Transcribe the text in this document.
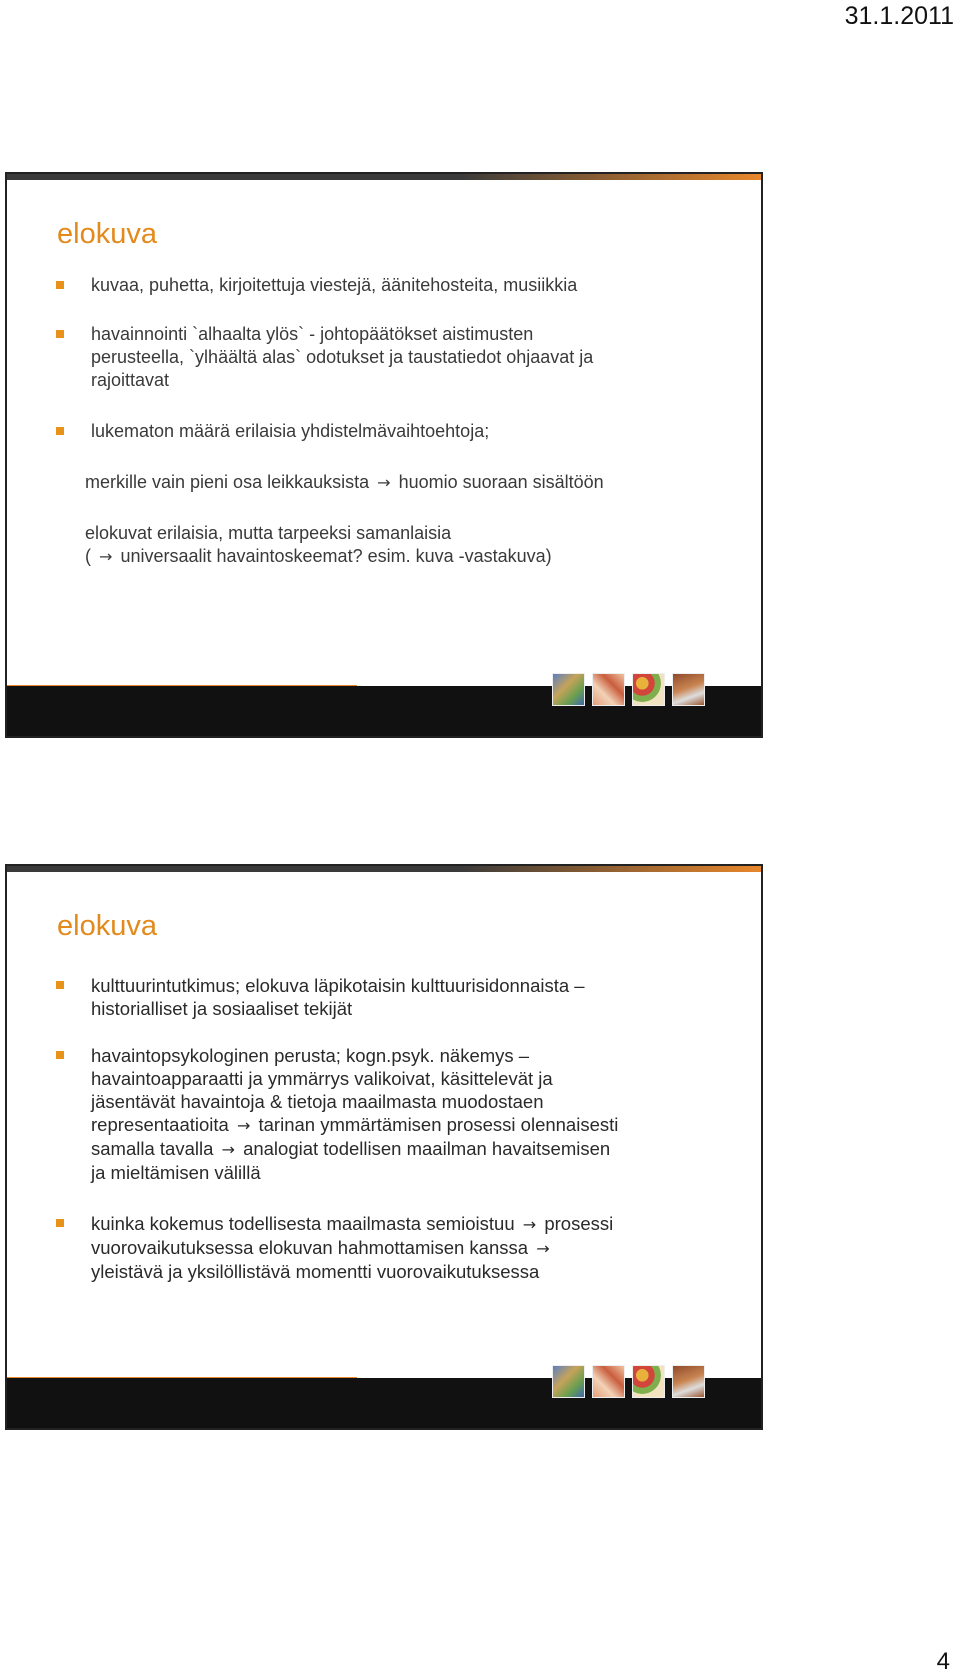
31.1.2011
elokuva
kuvaa, puhetta, kirjoitettuja viestejä, äänitehosteita, musiikkia
havainnointi `alhaalta ylös` - johtopäätökset aistimusten
perusteella, `ylhäältä alas` odotukset ja taustatiedot ohjaavat ja
rajoittavat
lukematon määrä erilaisia yhdistelmävaihtoehtoja;
merkille vain pieni osa leikkauksista → huomio suoraan sisältöön
elokuvat erilaisia, mutta tarpeeksi samanlaisia
( → universaalit havaintoskeemat? esim. kuva -vastakuva)
elokuva
kulttuurintutkimus; elokuva läpikotaisin kulttuurisidonnaista –
historialliset ja sosiaaliset tekijät
havaintopsykologinen perusta; kogn.psyk. näkemys –
havaintoapparaatti ja ymmärrys valikoivat, käsittelevät ja
jäsentävät havaintoja & tietoja maailmasta muodostaen
representaatioita → tarinan ymmärtämisen prosessi olennaisesti
samalla tavalla → analogiat todellisen maailman havaitsemisen
ja mieltämisen välillä
kuinka kokemus todellisesta maailmasta semioistuu → prosessi
vuorovaikutuksessa elokuvan hahmottamisen kanssa →
yleistävä ja yksilöllistävä momentti vuorovaikutuksessa
4
